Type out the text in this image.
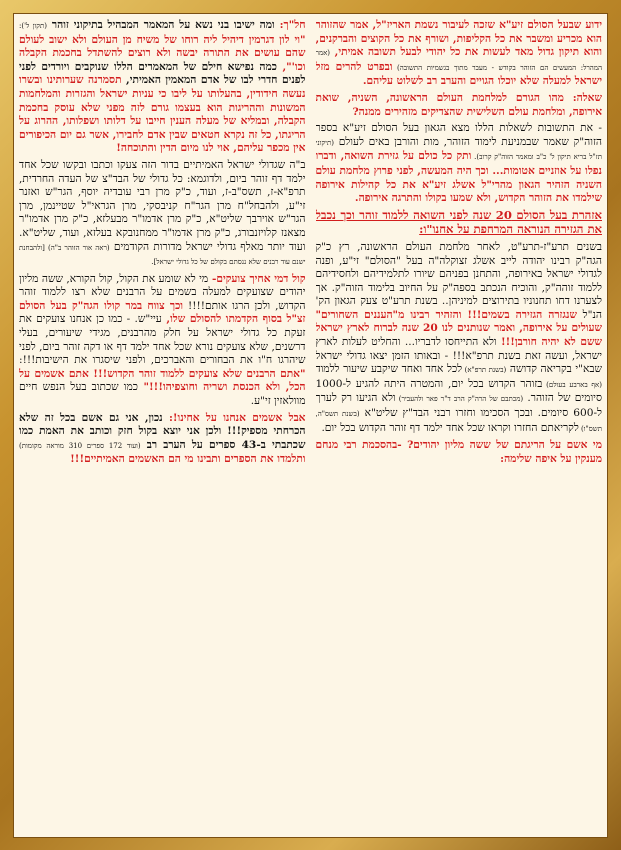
ידוע שבעל הסולם זיע"א שזכה לעיבור נשמת האריז"ל, אמר שהזוהר הוא מכריע ומשבר את כל הקליפות, ושורף את כל הקוצים והברקנים, והוא תיקון גדול מאד לעשות את כל יהודי לבעל תשובה אמיתי, (אמר המהרל: המעשים הם הזוהר בקודש - מעבר מתוך בגשמיות התשובה) ובפרט להרים מזל ישראל למעלה שלא יוכלו הגויים והערב רב לשלוט עליהם.

שאלה: מהו הגורם למלחמת העולם הראשונה, השניה, שואת אירופה, ומלחמת עולם השלישית שהצדיקים מזהירים ממנה?

- את התשובות לשאלות הללו מצא הגאון בעל הסולם זיע"א בספר הזוה"ק שאמר שבמניעת לימוד הזוהר, מות והורבן באים לעולם (תיקוני תז"ל בריא תיקון ל' כ"ב ומאמר הזוה"ק קרוב). ותק כל כולם על גזירת השואה, ודברו נפלו על אוזניים אטומות... וכך היה המעשה, לפני פרוץ מלחמת עולם השניה הזהיר הגאון מהרי"ל אשלג זיע"א את כל קהילות אירופה שילמדו את הזוהר הקדוש, ולא שמעו בקולו והתרגה אירופה.

אזהרת בעל הסולם 20 שנה לפני השואה ללמוד זוהר וכך נכבל את הגזירה הנוראה המרחפת על אחנו"ו:

בשנים תרע"ז-תרע"ט, לאחר מלחמת העולם הראשונה, רץ כ"ק הגה"ק רבינו יהודה לייב אשלג זצוקלה"ה בעל "הסולם" זי"ע, ופנה לגדולי ישראל באירופה, והתחנן בפניהם שיורו לתלמידיהם ולחסידיהם ללמוד זוהה"ק, והוכיח הנכתב בספה"ק על החיוב בלימוד הזוה"ק. אך לצערנו דחו תחנוניו בתירוצים למיניהן.. בשנת תרע"ט צעק הגאון הק' הנ"ל שנגזרה הגזירה בשמים!!! והזהיר רבינו מ"העננים השחורים" שעולים על אירופה, ואמר שנותנים לנו 20 שנה לברוח לארץ ישראל ששם לא יהיה חורבן!!! ולא התייחסו לדבריו... והחליט לעלות לארץ ישראל, ועשה זאת בשנת תרפ"א!!! - ובאותו הזמן יצאו גדולי ישראל שבא"י בקריאה קדושה (בשנת תרפ"א) לכל אחד ואחד שיקבע שיעור ללמוד (אף בארבע בעולם) בזוהר הקדוש בכל יום, והמטרה היתה להגיע ל-1000 סיומים של הזוהר. (מכתבם של הרה"ק הרב ד"ר פאר ולהעביר) ולא הגיעו רק לערך ל-600 סיומים. ובכך הסכימו וחזרו רבני הבד"ץ שליט"א (בשנת תשס"ה, תשס"ו) לקריאתם החזרו וקראו שכל אחד ילמד דף זוהר הקדוש בכל יום.

מי אשם על הריגתם של ששה מליון יהודים? -בהסכמת רבי מנחם מענקין על איפה שלימה:

חל"ך: ומה ישיבו בני נשא על המאמר המבהיל בתיקוני זוהר (תקון ל'): "וי לון דגרמין דיהיל ליה רוחו של משיח מן העולם ולא ישוב לעולם שהם עושים את התורה יבשה ולא רוצים להשתדל בחכמת הקבלה וכו'", כמה נפישא חילם של המאמרים הללו שנוקבים ויורדים לפני לפנים חדרי לבו של אדם המאמין האמיתי, תסמרנה שערותינו ובשרו נעשה חידודין, בהעלותו על ליבו כי עניות ישראל והגזרות והמלחמות המשונות וההריגות הוא בעצמו גורם לזה מפני שלא עוסק בחכמת הקבלה, ובמליא של מעלה הענין חייבו על דלותו ושפלותו, ההרוג על הריגתו, כל זה נקרא חטאים שבין אדם לחבירו, אשר גם יום הכיפורים אין מכפר עליהם, אוי לנו מיום הדין והתוכחה!

ב"ה שגדולי ישראל האמיתיים בדור הזה צעקו וכתבו ובקשו שכל אחד ילמד דף זוהר ביום, ולדוגמא: כל גדולי של הבד"צ של העדה החרדית, תרפ"א-ז, תשס"ב-ז, ועוד, כ"ק מרן רבי עובדיה יוסף, הגר"ש ואזנר זי"ע, ולהבחל"ח מרן הגר"ח קניבסקי, מרן הגראי"ל שטיינמן, מרן הגר"ש אוירבך שליט"א, כ"ק מרן אדמו"ר מבעלזא, כ"ק מרן אדמו"ר מצאנז קלויזנבורג, כ"ק מרן אדמו"ר ממחנובקא בעלזא, ועוד, שליט"א. ועוד יותר מאלף גדולי ישראל מדורות הקודמים (ראה אור הזוהר ב"ה) [ולהבחנת ישנם עוד רבנים שלא ננסתם בקולם של כל גדולי ישראל].

קול דמי אחיך צועקים- מי לא שומע את הקול, קול הקורא, ששה מליון יהודים שצועקים למעלה בשמים על הרבנים שלא רצו ללמוד זוהר הקדוש, ולכן הרגו אותם!!!! וכך צווח במר קולו הגה"ק בעל הסולם זצ"ל בסוף הקדמתו להסולם שלו, עיי"ש. - כמו כן אנחנו צועקים את זעקת כל גדולי ישראל על חלק מהרבנים, מגידי שיעורים, בעלי דרשנים, שלא צועקים נורא שכל אחד ילמד דף או דקה זוהר ביום, לפני שיהרגו ח"ו את הבחורים והאברכים, ולפני שיסגרו את הישיבות!!!: "אתם הרבנים שלא צועקים ללמוד זוהר הקדוש!!! אתם אשמים על הכל, ולא הכנסת ושריה וחוצפיהו!!!" כמו שכתוב בעל הנפש חיים מוולאזין זי"ע.

אבל אשמים אנחנו על אחינו!: נכון, אני גם אשם בכל זה שלא הכרחתי מספיק!!! ולכן אני יוצא בקול חזק וכותב את האמת כמו שכתבתי ב-43 ספרים על הערב רב (ועוד 172 ספרים 310 מוראה מקומות) ותלמדו את הספרים ותבינו מי הם האשמים האמיתיים!!!
